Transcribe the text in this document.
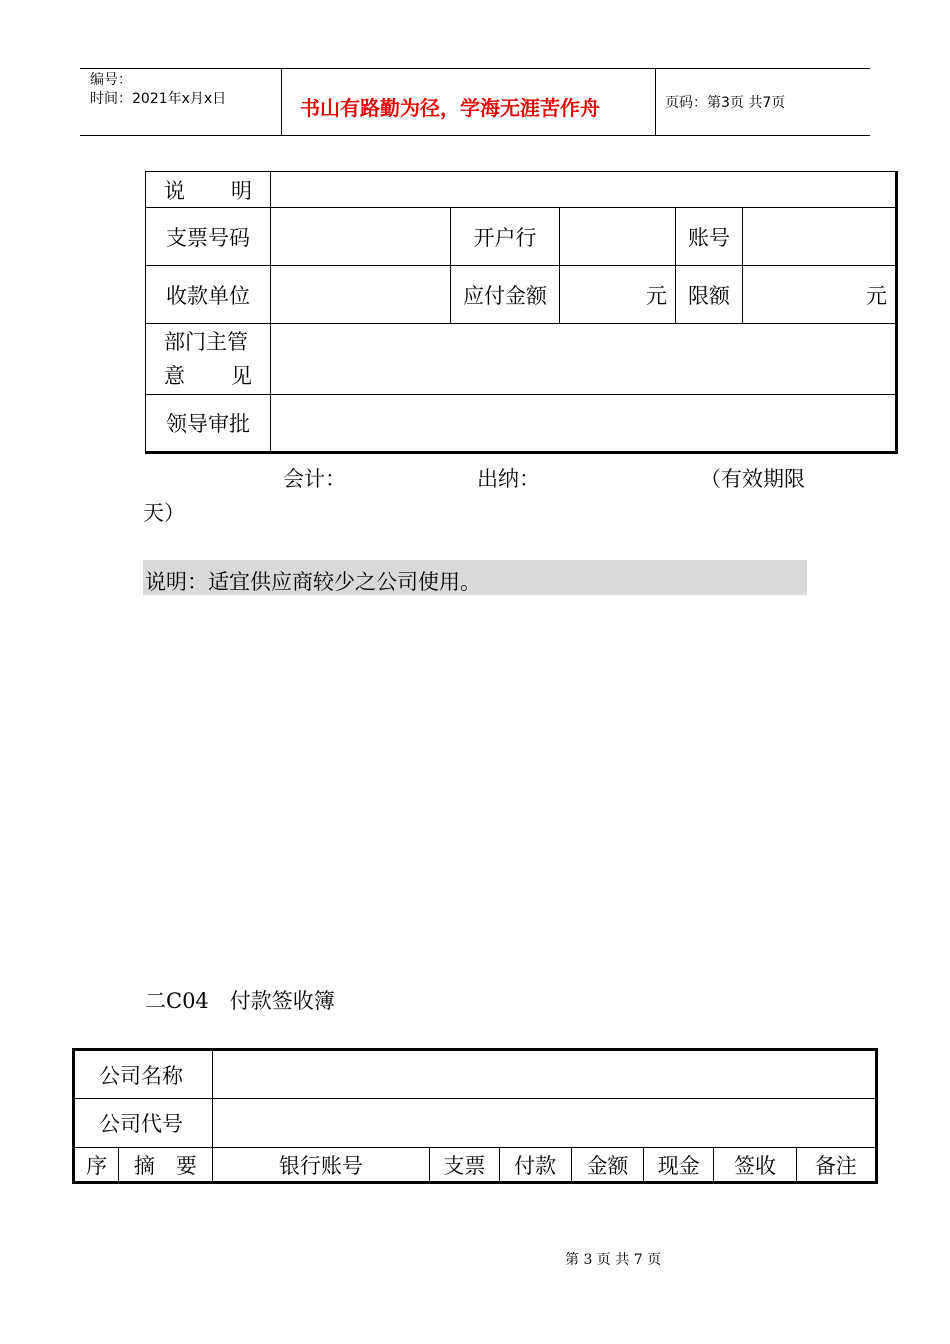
编号：
时间：2021年x月x日	书山有路勤为径，学海无涯苦作舟	页码：第3页 共7页
说 明					

支票号码		开户行		账号	
收款单位		应付金额	元	限额	元

部门主管
意 见					

领导审批					
会计：	出纳：	（有效期限
天）
说明：适宜供应商较少之公司使用。
二C04　付款签收簿
公司名称								
公司代号								
序	摘　要	银行账号	支票	付款	金额	现金	签收	备注
第 3 页 共 7 页
